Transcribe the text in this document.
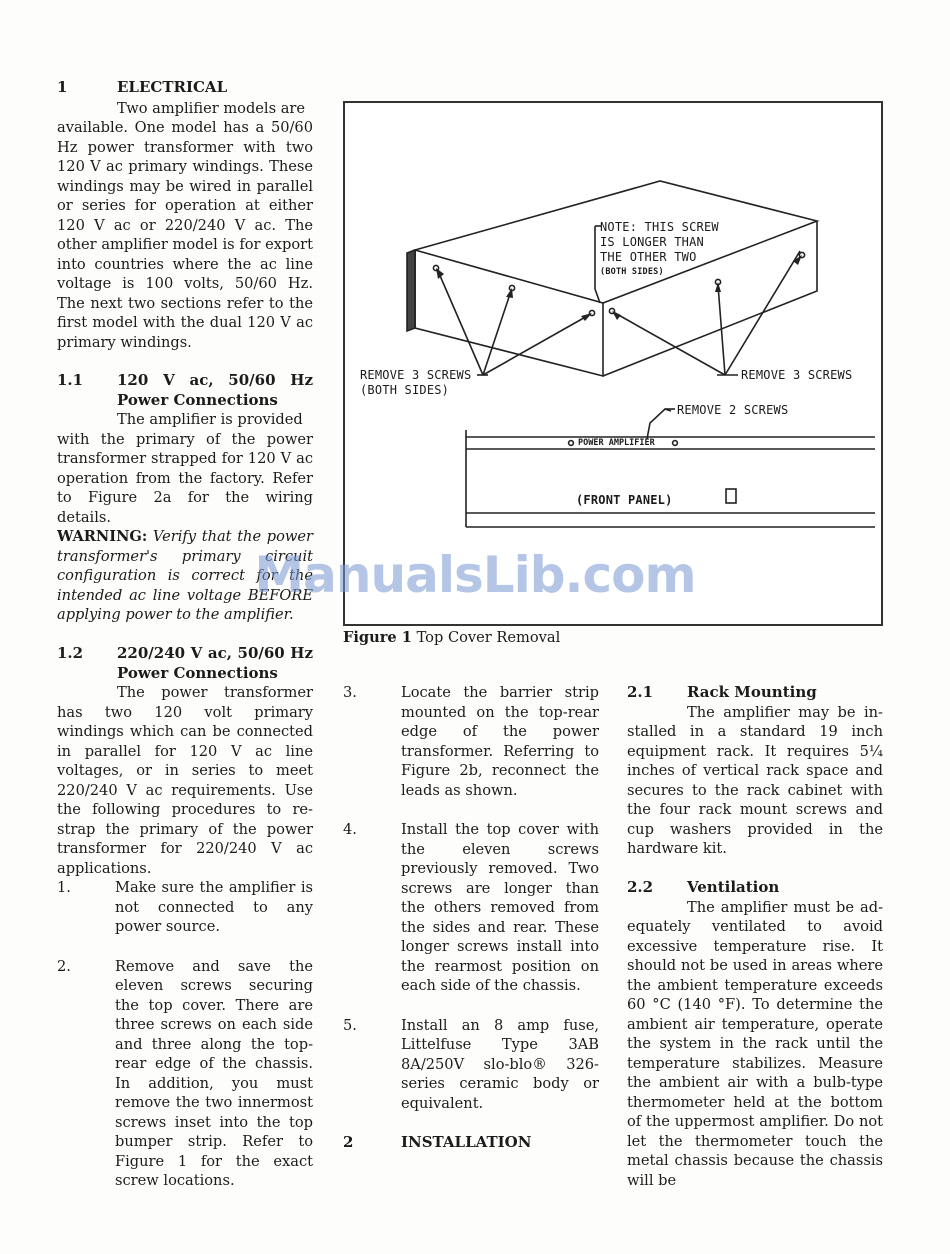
1	ELECTRICAL

Two amplifier models are
available. One model has a 50/60 Hz power transformer with two 120 V ac primary windings. These windings may be wired in parallel or series for operation at either 120 V ac or 220/240 V ac. The other amplifier model is for export into countries where the ac line voltage is 100 volts, 50/60 Hz. The next two sections refer to the first model with the dual 120 V ac primary windings.

1.1	120 V ac, 50/60 Hz
Power Connections

The amplifier is provided
with the primary of the power transformer strapped for 120 V ac operation from the factory. Refer to Figure 2a for the wiring details.

WARNING: Verify that the power transformer's primary circuit configuration is correct for the intended ac line voltage BEFORE applying power to the amplifier.
1.2	220/240 V ac, 50/60 Hz
Power Connections

The power transformer
has two 120 volt primary windings which can be connected in parallel for 120 V ac line voltages, or in series to meet 220/240 V ac requirements. Use the following procedures to re-strap the primary of the power transformer for 220/240 V ac applications.

1.	Make sure the amplifier is not connected to any power source.
2.	Remove and save the eleven screws securing the top cover. There are three screws on each side and three along the top-rear edge of the chassis. In addition, you must remove the two innermost screws inset into the top bumper strip. Refer to Figure 1 for the exact screw locations.
NOTE: THIS SCREW
IS LONGER THAN
THE OTHER TWO
(BOTH SIDES)
REMOVE 3 SCREWS
(BOTH SIDES)
REMOVE 3 SCREWS
REMOVE 2 SCREWS
POWER AMPLIFIER
(FRONT PANEL)
Figure 1 Top Cover Removal
3.	Locate the barrier strip mounted on the top-rear edge of the power transformer. Referring to Figure 2b, reconnect the leads as shown.
4.	Install the top cover with the eleven screws previously removed. Two screws are longer than the others removed from the sides and rear. These longer screws install into the rearmost position on each side of the chassis.
5.	Install an 8 amp fuse, Littelfuse Type 3AB 8A/250V slo-blo® 326-series ceramic body or equivalent.
2	INSTALLATION
2.1	Rack Mounting

The amplifier may be in-
stalled in a standard 19 inch equipment rack. It requires 5¼ inches of vertical rack space and secures to the rack cabinet with the four rack mount screws and cup washers provided in the hardware kit.

2.2	Ventilation

The amplifier must be ad-
equately ventilated to avoid excessive temperature rise. It should not be used in areas where the ambient temperature exceeds 60 °C (140 °F). To determine the ambient air temperature, operate the system in the rack until the temperature stabilizes. Measure the ambient air with a bulb-type thermometer held at the bottom of the uppermost amplifier. Do not let the thermometer touch the metal chassis because the chassis will be

ManualsLib.com
